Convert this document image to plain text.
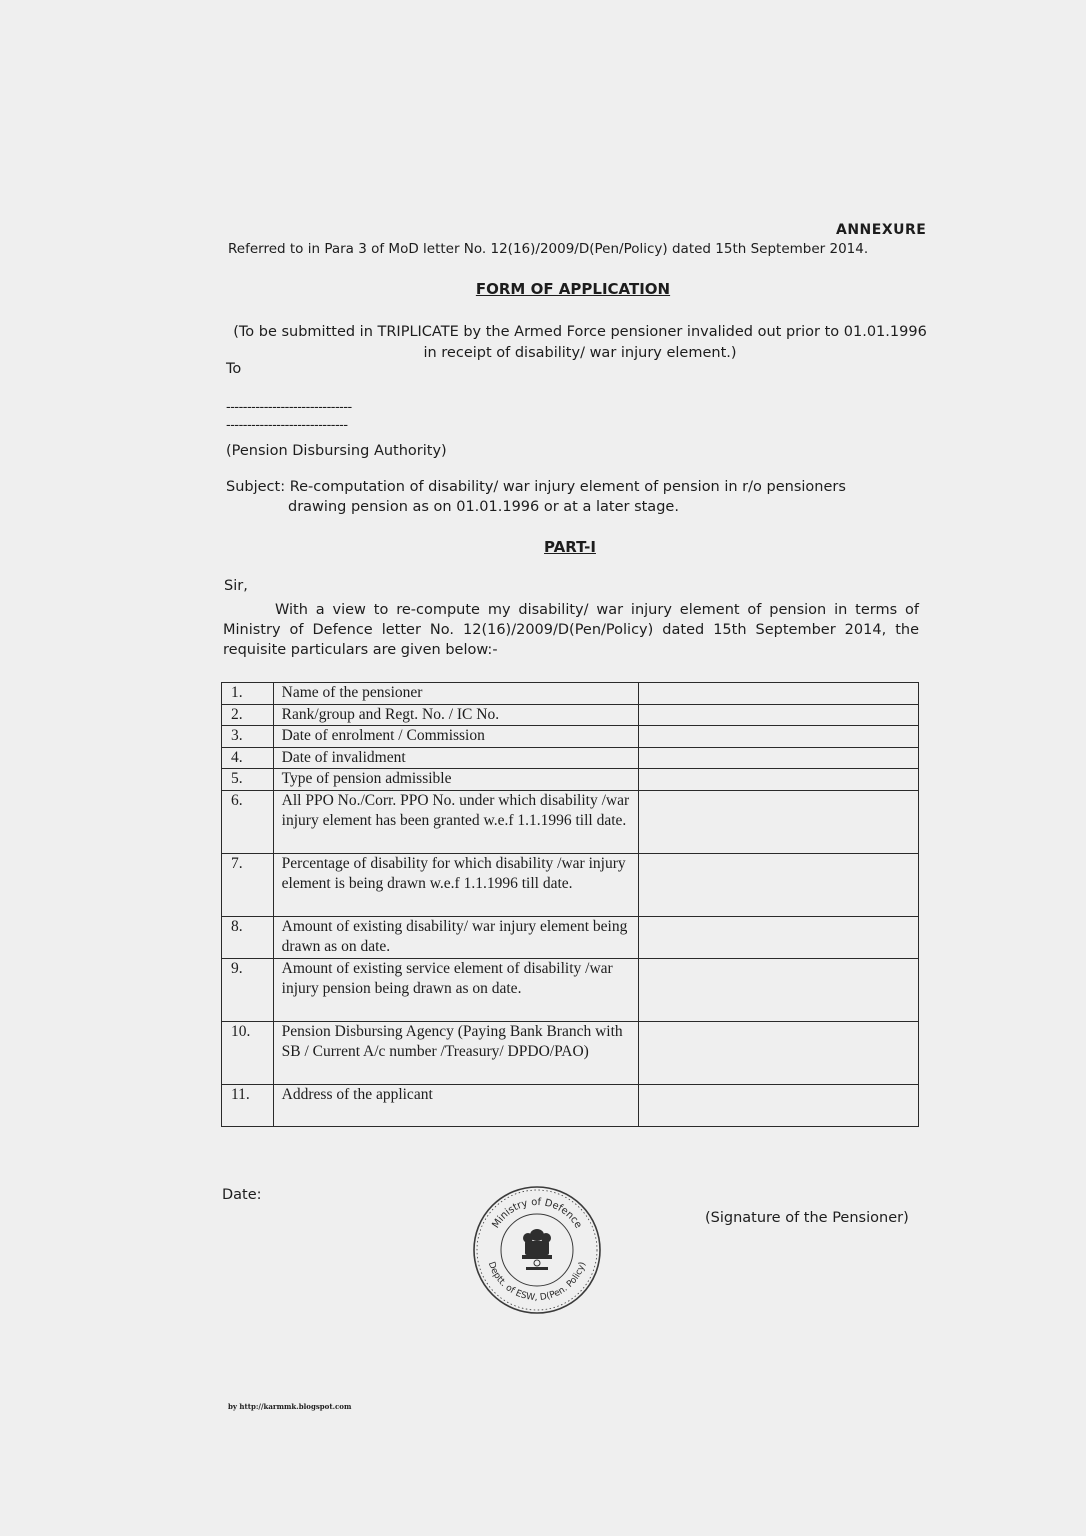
ANNEXURE
Referred to in Para 3 of MoD letter No. 12(16)/2009/D(Pen/Policy) dated 15th September 2014.
FORM OF APPLICATION
(To be submitted in TRIPLICATE by the Armed Force pensioner invalided out prior to 01.01.1996 in receipt of disability/ war injury element.)
To
------------------------------
-----------------------------
(Pension Disbursing Authority)
Subject: Re-computation of disability/ war injury element of pension in r/o pensioners
drawing pension as on 01.01.1996 or at a later stage.
PART-I
Sir,
With a view to re-compute my disability/ war injury element of pension in terms of Ministry of Defence letter No. 12(16)/2009/D(Pen/Policy) dated 15th September 2014, the requisite particulars are given below:-
1.	Name of the pensioner	
2.	Rank/group and Regt. No. / IC No.	
3.	Date of enrolment / Commission	
4.	Date of invalidment	
5.	Type of pension admissible	
6.	All PPO No./Corr. PPO No. under which disability /war injury element has been granted w.e.f 1.1.1996 till date.	
7.	Percentage of disability for which disability /war injury element is being drawn w.e.f 1.1.1996 till date.	
8.	Amount of existing disability/ war injury element being drawn as on date.	
9.	Amount of existing service element of disability /war injury pension being drawn as on date.	
10.	Pension Disbursing Agency (Paying Bank Branch with SB / Current A/c number /Treasury/ DPDO/PAO)	
11.	Address of the applicant	
Date:
Ministry of Defence
Deptt. of ESW, D(Pen. Policy)
(Signature of the Pensioner)
by http://karmmk.blogspot.com
